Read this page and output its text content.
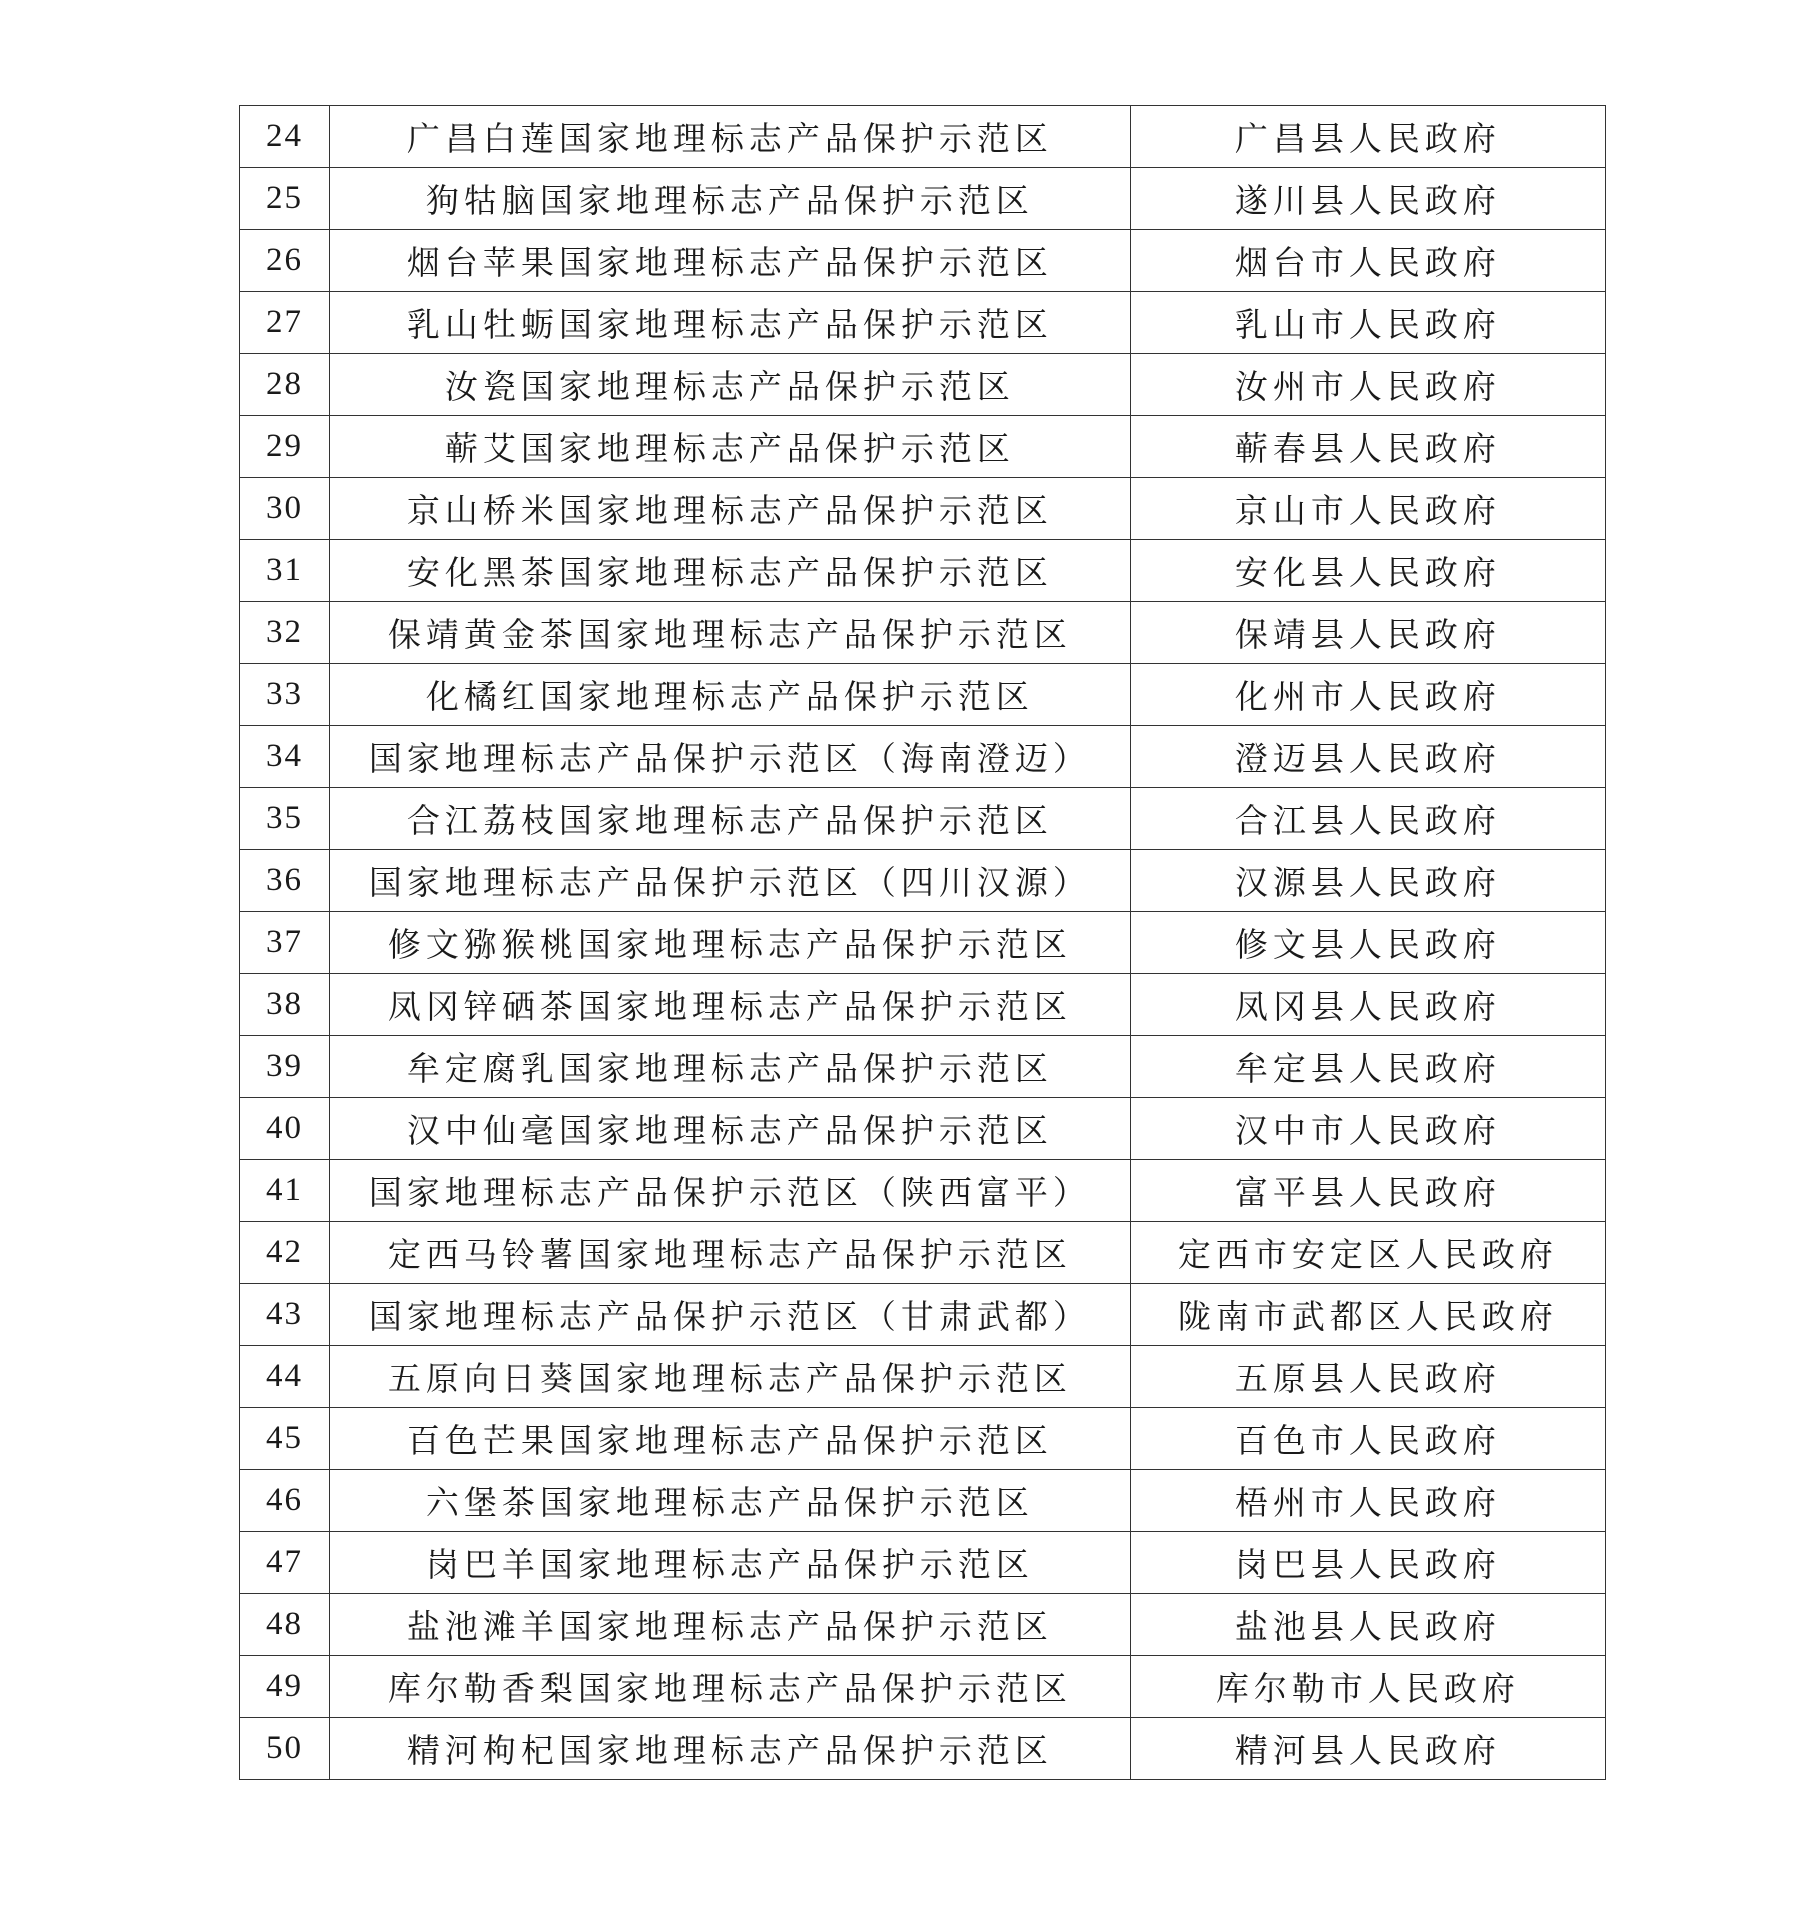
24	广昌白莲国家地理标志产品保护示范区	广昌县人民政府
25	狗牯脑国家地理标志产品保护示范区	遂川县人民政府
26	烟台苹果国家地理标志产品保护示范区	烟台市人民政府
27	乳山牡蛎国家地理标志产品保护示范区	乳山市人民政府
28	汝瓷国家地理标志产品保护示范区	汝州市人民政府
29	蕲艾国家地理标志产品保护示范区	蕲春县人民政府
30	京山桥米国家地理标志产品保护示范区	京山市人民政府
31	安化黑茶国家地理标志产品保护示范区	安化县人民政府
32	保靖黄金茶国家地理标志产品保护示范区	保靖县人民政府
33	化橘红国家地理标志产品保护示范区	化州市人民政府
34	国家地理标志产品保护示范区（海南澄迈）	澄迈县人民政府
35	合江荔枝国家地理标志产品保护示范区	合江县人民政府
36	国家地理标志产品保护示范区（四川汉源）	汉源县人民政府
37	修文猕猴桃国家地理标志产品保护示范区	修文县人民政府
38	凤冈锌硒茶国家地理标志产品保护示范区	凤冈县人民政府
39	牟定腐乳国家地理标志产品保护示范区	牟定县人民政府
40	汉中仙毫国家地理标志产品保护示范区	汉中市人民政府
41	国家地理标志产品保护示范区（陕西富平）	富平县人民政府
42	定西马铃薯国家地理标志产品保护示范区	定西市安定区人民政府
43	国家地理标志产品保护示范区（甘肃武都）	陇南市武都区人民政府
44	五原向日葵国家地理标志产品保护示范区	五原县人民政府
45	百色芒果国家地理标志产品保护示范区	百色市人民政府
46	六堡茶国家地理标志产品保护示范区	梧州市人民政府
47	岗巴羊国家地理标志产品保护示范区	岗巴县人民政府
48	盐池滩羊国家地理标志产品保护示范区	盐池县人民政府
49	库尔勒香梨国家地理标志产品保护示范区	库尔勒市人民政府
50	精河枸杞国家地理标志产品保护示范区	精河县人民政府
